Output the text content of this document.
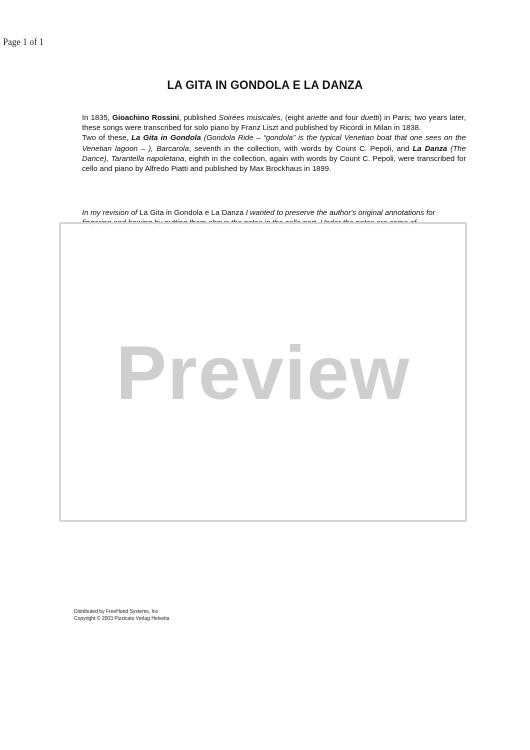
Page 1 of 1
LA GITA IN GONDOLA E LA DANZA

In 1835, Gioachino Rossini, published Soirées musicales, (eight ariette and four duetti) in Paris; two years later, these songs were transcribed for solo piano by Franz Liszt and published by Ricordi in Milan in 1838.

Two of these, La Gita in Gondola (Gondola Ride – “gondola” is the typical Venetian boat that one sees on the Venetian lagoon – ), Barcarola, seventh in the collection, with words by Count C. Pepoli, and La Danza (The Dance), Tarantella napoletana, eighth in the collection, again with words by Count C. Pepoli, were transcribed for cello and piano by Alfredo Piatti and published by Max Brockhaus in 1899.

In my revision of La Gita in Gondola e La Danza I wanted to preserve the author's original annotations for
Preview
Distributed by FreeHand Systems, Inc
Copyright © 2003 Pizzicato Verlag Helvetia
